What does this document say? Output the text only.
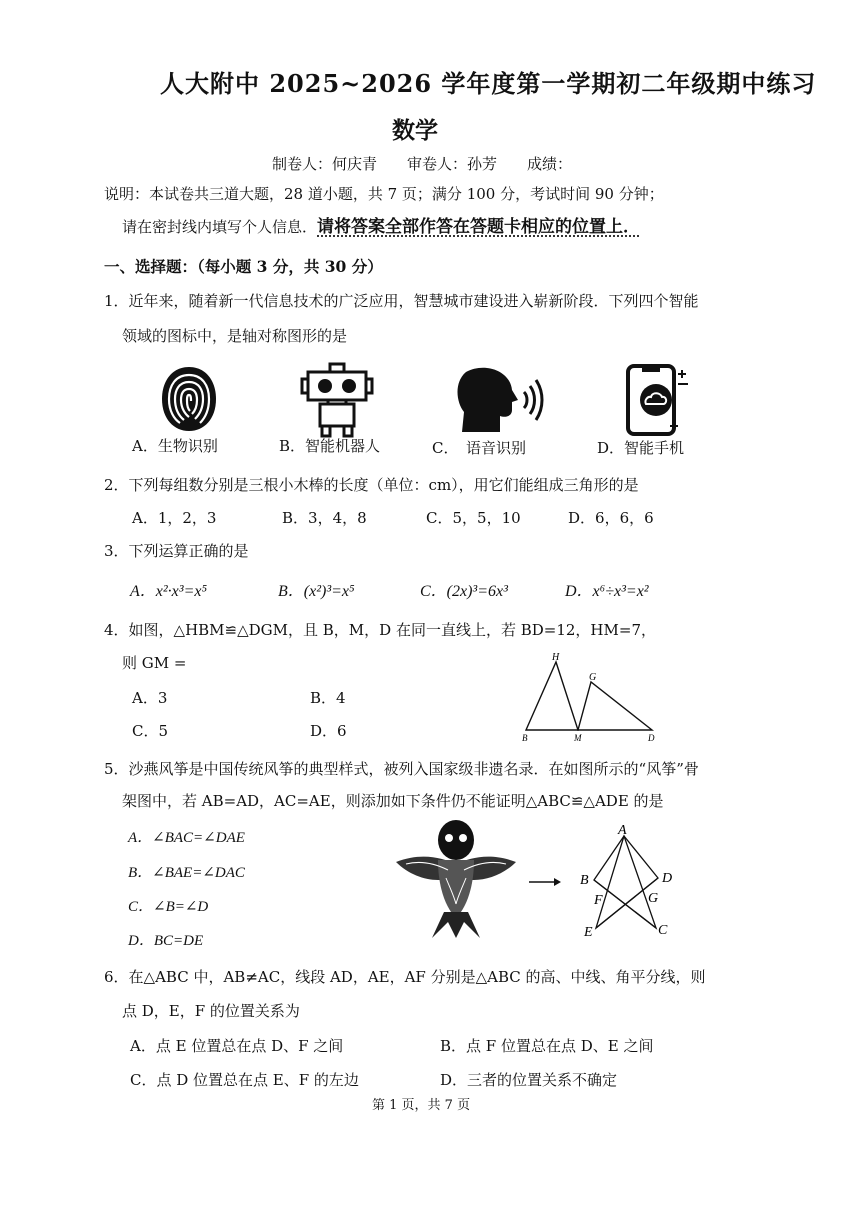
人大附中 2025~2026 学年度第一学期初二年级期中练习
数学
制卷人：何庆青　　审卷人：孙芳　　成绩：
说明：本试卷共三道大题，28 道小题，共 7 页；满分 100 分，考试时间 90 分钟；
请在密封线内填写个人信息．请将答案全部作答在答题卡相应的位置上．
一、选择题：（每小题 3 分，共 30 分）
1．近年来，随着新一代信息技术的广泛应用，智慧城市建设进入崭新阶段．下列四个智能
领域的图标中，是轴对称图形的是
A．生物识别	B．智能机器人	C．　语音识别	D．智能手机
2．下列每组数分别是三根小木棒的长度（单位：cm），用它们能组成三角形的是
A．1，2，3	B．3，4，8	C．5，5，10	D．6，6，6
3．下列运算正确的是
A．x²·x³=x⁵	B．(x²)³=x⁵	C．(2x)³=6x³	D．x⁶÷x³=x²
4．如图，△HBM≌△DGM，且 B，M，D 在同一直线上，若 BD=12，HM=7，
则 GM =
A．3	B．4
C．5	D．6
H
G
B	M	D
5．沙燕风筝是中国传统风筝的典型样式，被列入国家级非遗名录．在如图所示的“风筝”骨
架图中，若 AB=AD，AC=AE，则添加如下条件仍不能证明△ABC≌△ADE 的是
A．∠BAC=∠DAE
B．∠BAE=∠DAC
C．∠B=∠D
D．BC=DE
A
B	D
F	G
E	C
6．在△ABC 中，AB≠AC，线段 AD，AE，AF 分别是△ABC 的高、中线、角平分线，则
点 D，E，F 的位置关系为
A．点 E 位置总在点 D、F 之间	B．点 F 位置总在点 D、E 之间
C．点 D 位置总在点 E、F 的左边	D．三者的位置关系不确定
第 1 页，共 7 页
